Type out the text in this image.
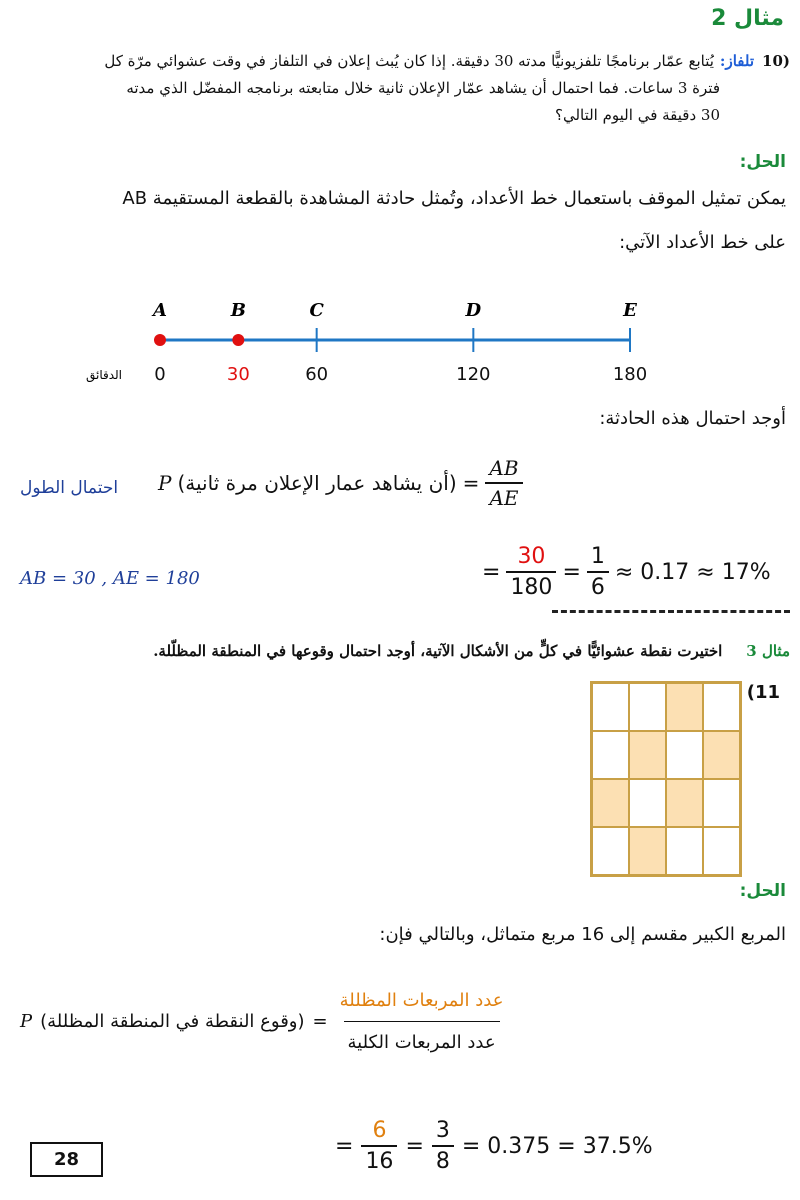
مثال 2
(10تلفاز:يُتابع عمّار برنامجًا تلفزيونيًّا مدته 30 دقيقة. إذا كان يُبث إعلان في التلفاز في وقت عشوائي مرّة كل
فترة 3 ساعات. فما احتمال أن يشاهد عمّار الإعلان ثانية خلال متابعته برنامجه المفضّل الذي مدته
30 دقيقة في اليوم التالي؟
الحل:
يمكن تمثيل الموقف باستعمال خط الأعداد، وتُمثل حادثة المشاهدة بالقطعة المستقيمة AB
على خط الأعداد الآتي:
A
0
B
30
C
60
D
120
E
180
الدقائق
أوجد احتمال هذه الحادثة:
احتمال الطول P (أن يشاهد عمار الإعلان مرة ثانية) = $\frac{AB}{AE}$
AB = 30 , AE = 180	= $\frac{30}{180} = \frac{1}{6} \approx 0.17 \approx 17\%$
مثال 3اختيرت نقطة عشوائيًّا في كلٍّ من الأشكال الآتية، أوجد احتمال وقوعها في المنطقة المظلّلة.
(11
الحل:
المربع الكبير مقسم إلى 16 مربع متماثل، وبالتالي فإن:
P (وقوع النقطة في المنطقة المظللة) = $\frac{\text{عدد المربعات المظللة}}{\text{عدد المربعات الكلية}}$
= $\frac{6}{16} = \frac{3}{8} = 0.375 = 37.5\%$
28
